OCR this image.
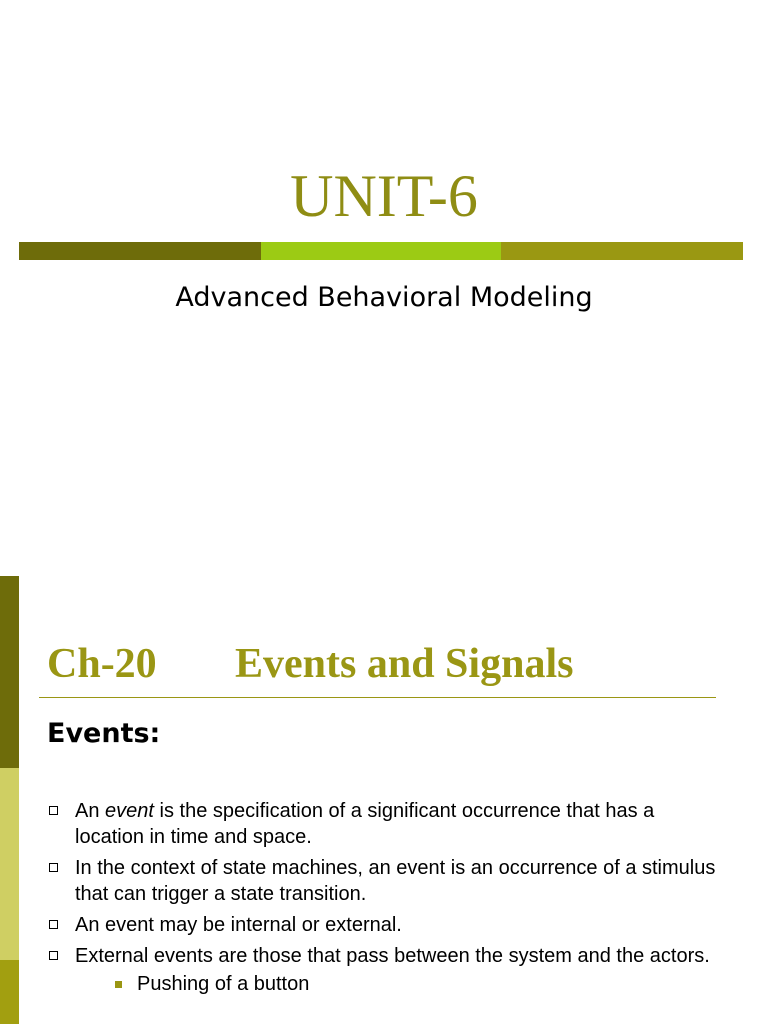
UNIT-6

Advanced Behavioral Modeling

Ch-20 Events and Signals
Events:
An event is the specification of a significant occurrence that has a location in time and space.
In the context of state machines, an event is an occurrence of a stimulus that can trigger a state transition.
An event may be internal or external.
External events are those that pass between the system and the actors.
Pushing of a button
